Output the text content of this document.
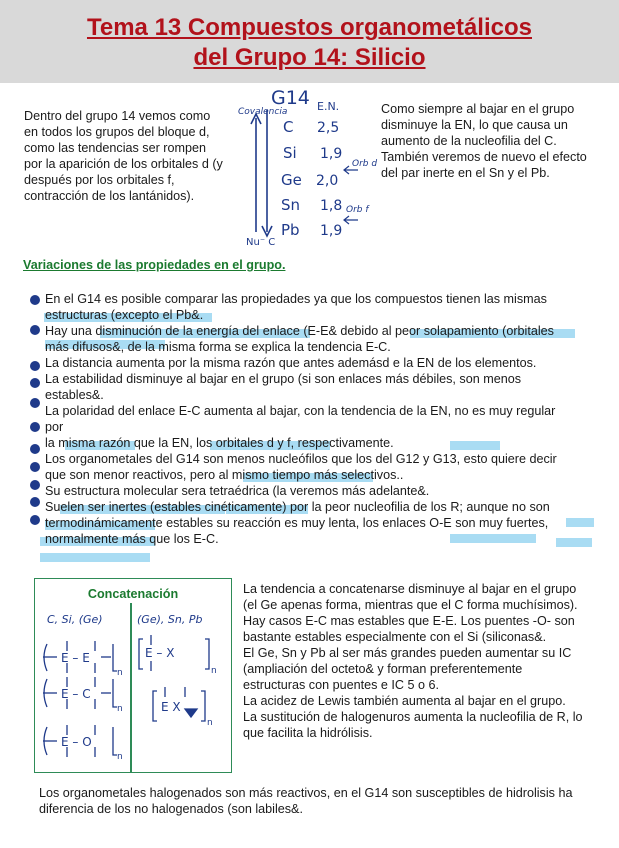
Tema 13 Compuestos organometálicos
del Grupo 14: Silicio

Dentro del grupo 14 vemos como en todos los grupos del bloque d, como las tendencias ser rompen por la aparición de los orbitales d (y después por los orbitales f, contracción de los lantánidos).

Como siempre al bajar en el grupo disminuye la EN, lo que causa un aumento de la nucleofilia del C. También veremos de nuevo el efecto del par inerte en el Sn y el Pb.

G14 E.N.
Covalencia
Nu⁻ C
C
Si
Ge
Sn
Pb
2,5
1,9
2,0
1,8
1,9
Orb d
Orb f

Variaciones de las propiedades en el grupo.

En el G14 es posible comparar las propiedades ya que los compuestos tienen las mismas
estructuras (excepto el Pb&.
Hay una disminución de la energía del enlace (E-E& debido al peor solapamiento (orbitales
más difusos&, de la misma forma se explica la tendencia E-C.
La distancia aumenta por la misma razón que antes ademásd e la EN de los elementos.
La estabilidad disminuye al bajar en el grupo (si son enlaces más débiles, son menos
estables&.
La polaridad del enlace E-C aumenta al bajar, con la tendencia de la EN, no es muy regular por
la misma razón que la EN, los orbitales d y f, respectivamente.
Los organometales del G14 son menos nucleófilos que los del G12 y G13, esto quiere decir
que son menor reactivos, pero al mismo tiempo más selectivos..
Su estructura molecular sera tetraédrica (la veremos más adelante&.
Suelen ser inertes (estables cinéticamente) por la peor nucleofilia de los R; aunque no son
termodinámicamente estables su reacción es muy lenta, los enlaces O-E son muy fuertes,
normalmente más que los E-C.
Concatenación
C, Si, (Ge)	(Ge), Sn, Pb
E – E
n
E – C
n
E – O
n
E – X
n
E X
n

La tendencia a concatenarse disminuye al bajar en el grupo (el Ge apenas forma, mientras que el C forma muchísimos). Hay casos E-C mas estables que E-E. Los puentes -O- son bastante estables especialmente con el Si (siliconas&.
El Ge, Sn y Pb al ser más grandes pueden aumentar su IC (ampliación del octeto& y forman preferentemente estructuras con puentes e IC 5 o 6.
La acidez de Lewis también aumenta al bajar en el grupo.
La sustitución de halogenuros aumenta la nucleofilia de R, lo que facilita la hidrólisis.

Los organometales halogenados son más reactivos, en el G14 son susceptibles de hidrolisis ha diferencia de los no halogenados (son labiles&.
